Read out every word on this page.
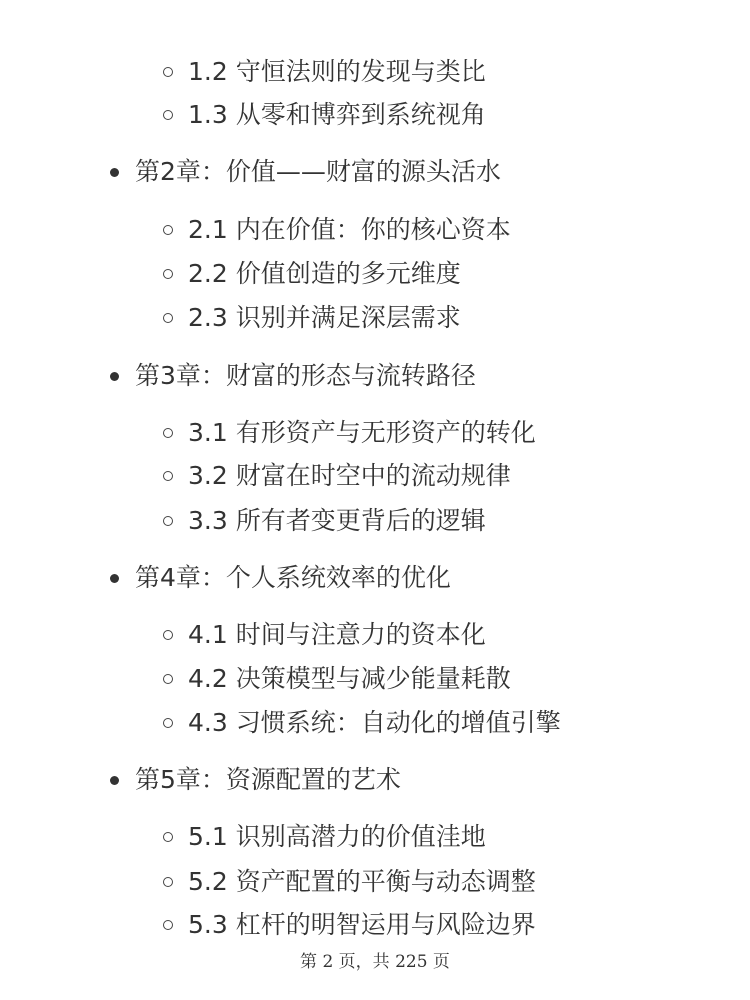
1.2 守恒法则的发现与类比
1.3 从零和博弈到系统视角
第2章：价值——财富的源头活水
2.1 内在价值：你的核心资本
2.2 价值创造的多元维度
2.3 识别并满足深层需求
第3章：财富的形态与流转路径
3.1 有形资产与无形资产的转化
3.2 财富在时空中的流动规律
3.3 所有者变更背后的逻辑
第4章：个人系统效率的优化
4.1 时间与注意力的资本化
4.2 决策模型与减少能量耗散
4.3 习惯系统：自动化的增值引擎
第5章：资源配置的艺术
5.1 识别高潜力的价值洼地
5.2 资产配置的平衡与动态调整
5.3 杠杆的明智运用与风险边界
第 2 页，共 225 页
